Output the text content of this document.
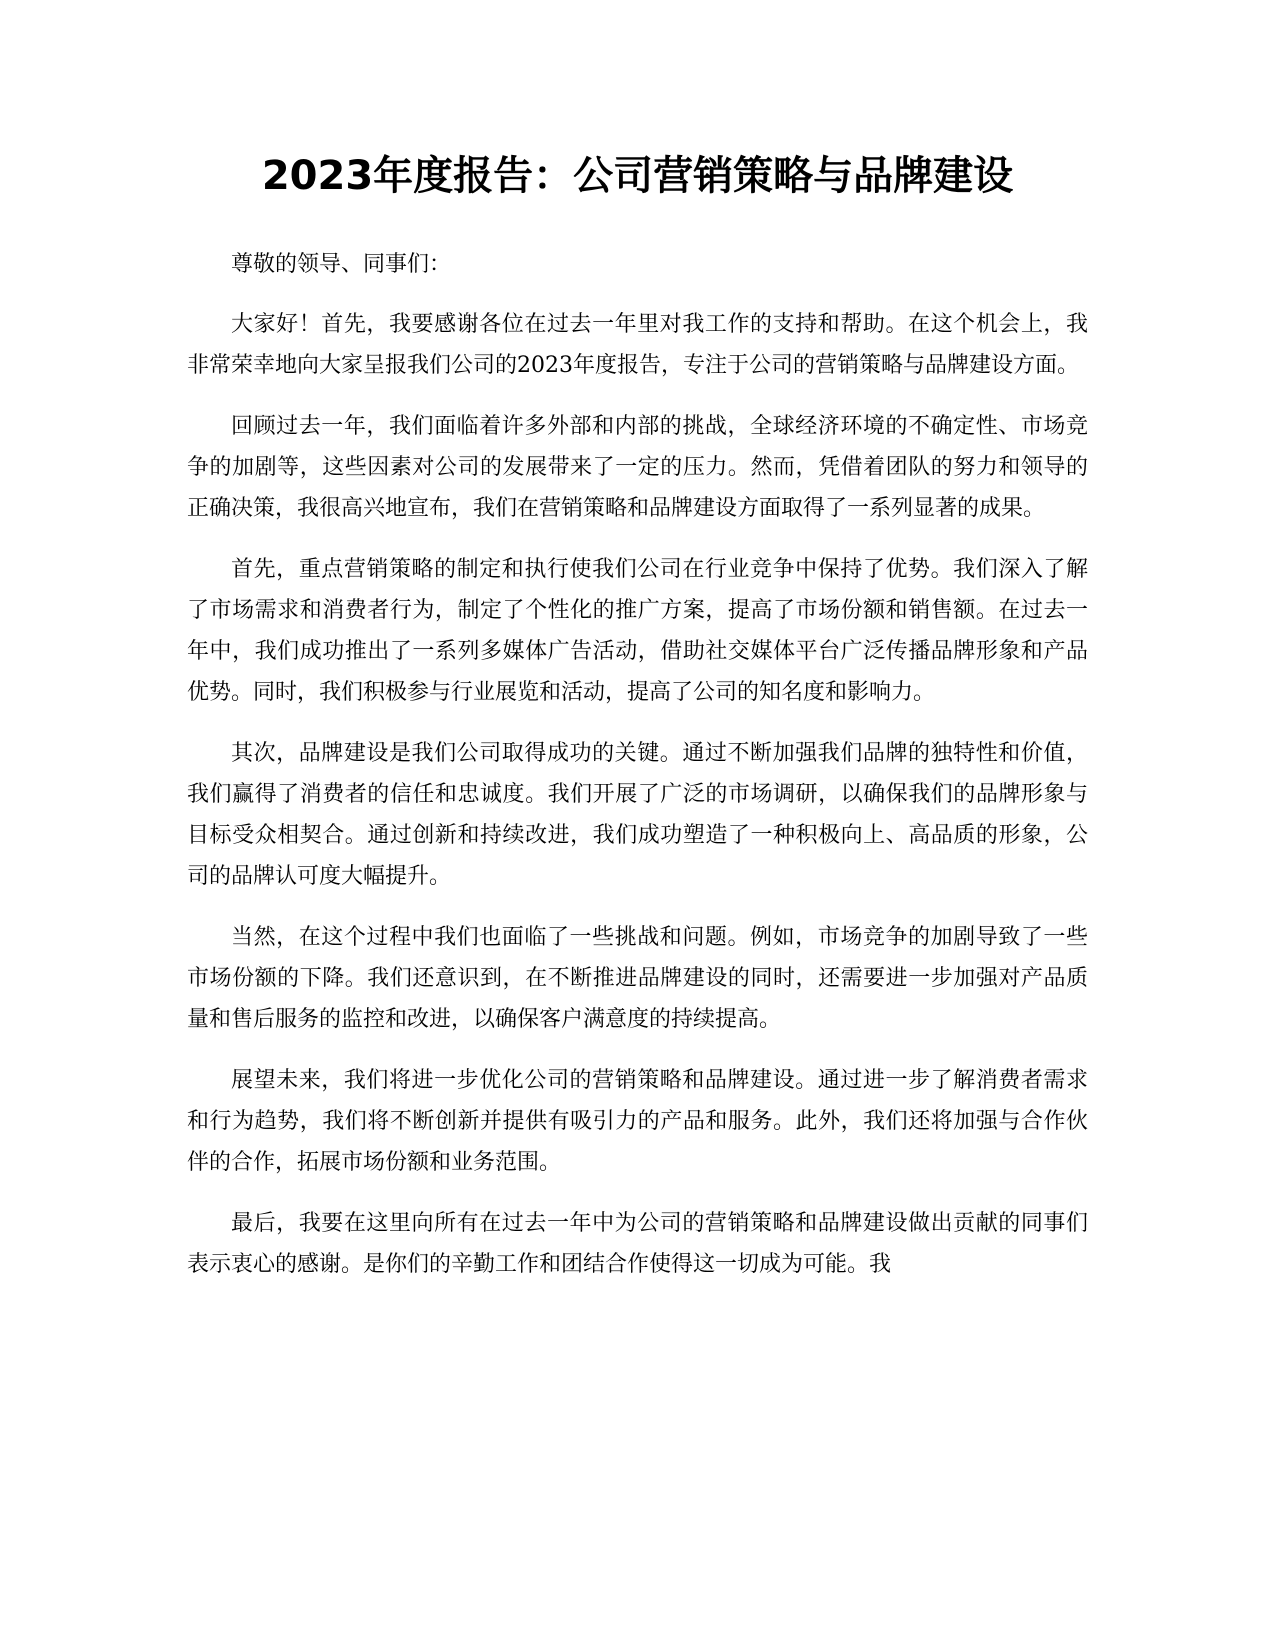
2023年度报告：公司营销策略与品牌建设

尊敬的领导、同事们：

大家好！首先，我要感谢各位在过去一年里对我工作的支持和帮助。在这个机会上，我非常荣幸地向大家呈报我们公司的2023年度报告，专注于公司的营销策略与品牌建设方面。

回顾过去一年，我们面临着许多外部和内部的挑战，全球经济环境的不确定性、市场竞争的加剧等，这些因素对公司的发展带来了一定的压力。然而，凭借着团队的努力和领导的正确决策，我很高兴地宣布，我们在营销策略和品牌建设方面取得了一系列显著的成果。

首先，重点营销策略的制定和执行使我们公司在行业竞争中保持了优势。我们深入了解了市场需求和消费者行为，制定了个性化的推广方案，提高了市场份额和销售额。在过去一年中，我们成功推出了一系列多媒体广告活动，借助社交媒体平台广泛传播品牌形象和产品优势。同时，我们积极参与行业展览和活动，提高了公司的知名度和影响力。

其次，品牌建设是我们公司取得成功的关键。通过不断加强我们品牌的独特性和价值，我们赢得了消费者的信任和忠诚度。我们开展了广泛的市场调研，以确保我们的品牌形象与目标受众相契合。通过创新和持续改进，我们成功塑造了一种积极向上、高品质的形象，公司的品牌认可度大幅提升。

当然，在这个过程中我们也面临了一些挑战和问题。例如，市场竞争的加剧导致了一些市场份额的下降。我们还意识到，在不断推进品牌建设的同时，还需要进一步加强对产品质量和售后服务的监控和改进，以确保客户满意度的持续提高。

展望未来，我们将进一步优化公司的营销策略和品牌建设。通过进一步了解消费者需求和行为趋势，我们将不断创新并提供有吸引力的产品和服务。此外，我们还将加强与合作伙伴的合作，拓展市场份额和业务范围。

最后，我要在这里向所有在过去一年中为公司的营销策略和品牌建设做出贡献的同事们表示衷心的感谢。是你们的辛勤工作和团结合作使得这一切成为可能。我
